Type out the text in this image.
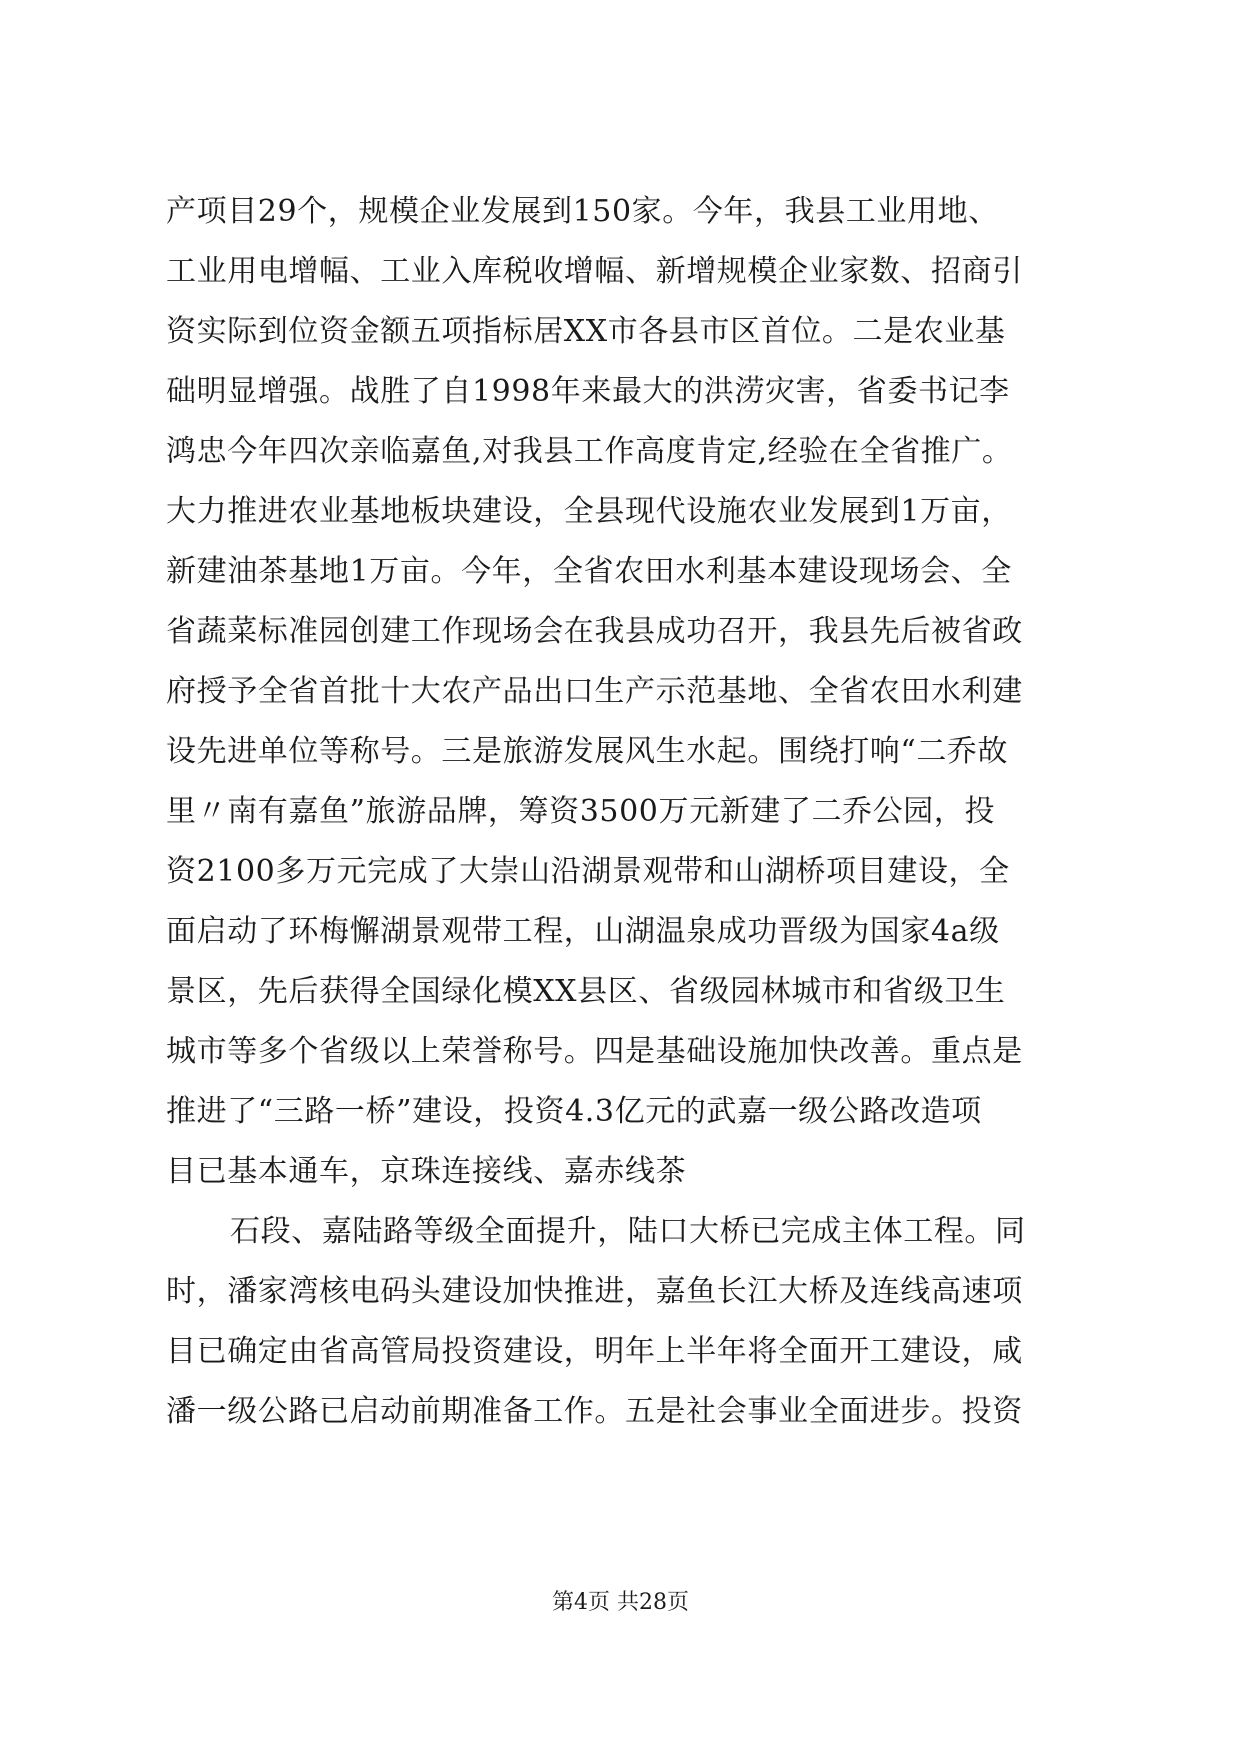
产项目29个，规模企业发展到150家。今年，我县工业用地、
工业用电增幅、工业入库税收增幅、新增规模企业家数、招商引
资实际到位资金额五项指标居XX市各县市区首位。二是农业基
础明显增强。战胜了自1998年来最大的洪涝灾害，省委书记李
鸿忠今年四次亲临嘉鱼,对我县工作高度肯定,经验在全省推广。
大力推进农业基地板块建设，全县现代设施农业发展到1万亩，
新建油茶基地1万亩。今年，全省农田水利基本建设现场会、全
省蔬菜标准园创建工作现场会在我县成功召开，我县先后被省政
府授予全省首批十大农产品出口生产示范基地、全省农田水利建
设先进单位等称号。三是旅游发展风生水起。围绕打响“二乔故
里〃南有嘉鱼”旅游品牌，筹资3500万元新建了二乔公园，投
资2100多万元完成了大崇山沿湖景观带和山湖桥项目建设，全
面启动了环梅懈湖景观带工程，山湖温泉成功晋级为国家4a级
景区，先后获得全国绿化模XX县区、省级园林城市和省级卫生
城市等多个省级以上荣誉称号。四是基础设施加快改善。重点是
推进了“三路一桥”建设，投资4.3亿元的武嘉一级公路改造项
目已基本通车，京珠连接线、嘉赤线茶
石段、嘉陆路等级全面提升，陆口大桥已完成主体工程。同
时，潘家湾核电码头建设加快推进，嘉鱼长江大桥及连线高速项
目已确定由省高管局投资建设，明年上半年将全面开工建设，咸
潘一级公路已启动前期准备工作。五是社会事业全面进步。投资
第4页 共28页
